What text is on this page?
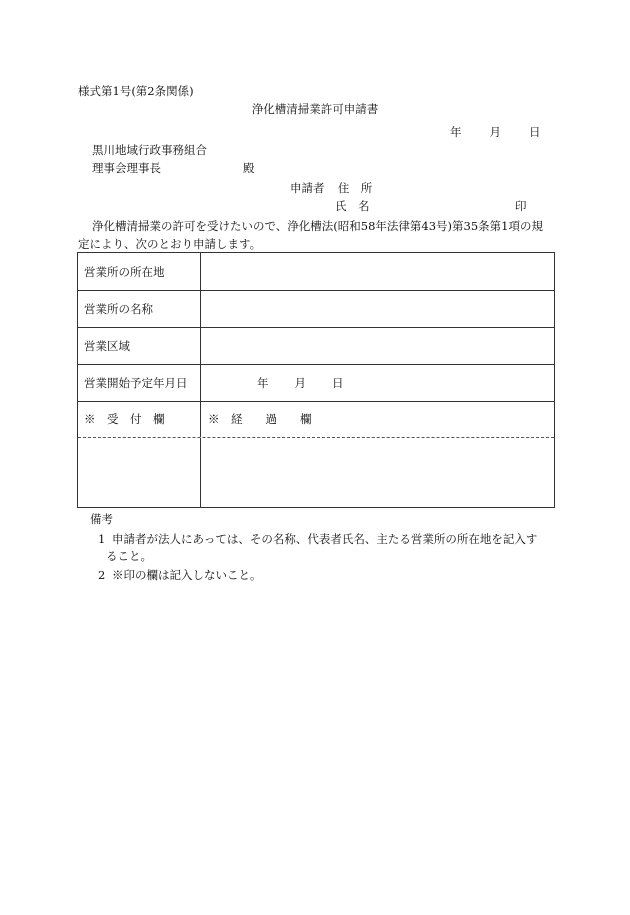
様式第1号(第2条関係)
浄化槽清掃業許可申請書
年 月 日
黒川地域行政事務組合
理事会理事長	殿
申請者 住　所
氏　名	印
浄化槽清掃業の許可を受けたいので、浄化槽法(昭和58年法律第43号)第35条第1項の規定により、次のとおり申請します。
営業所の所在地
営業所の名称
営業区域
営業開始予定年月日	年 月 日
※　受　付　欄	※　経　　過　　欄
備考
1 申請者が法人にあっては、その名称、代表者氏名、主たる営業所の所在地を記入す
ること。
2 ※印の欄は記入しないこと。
